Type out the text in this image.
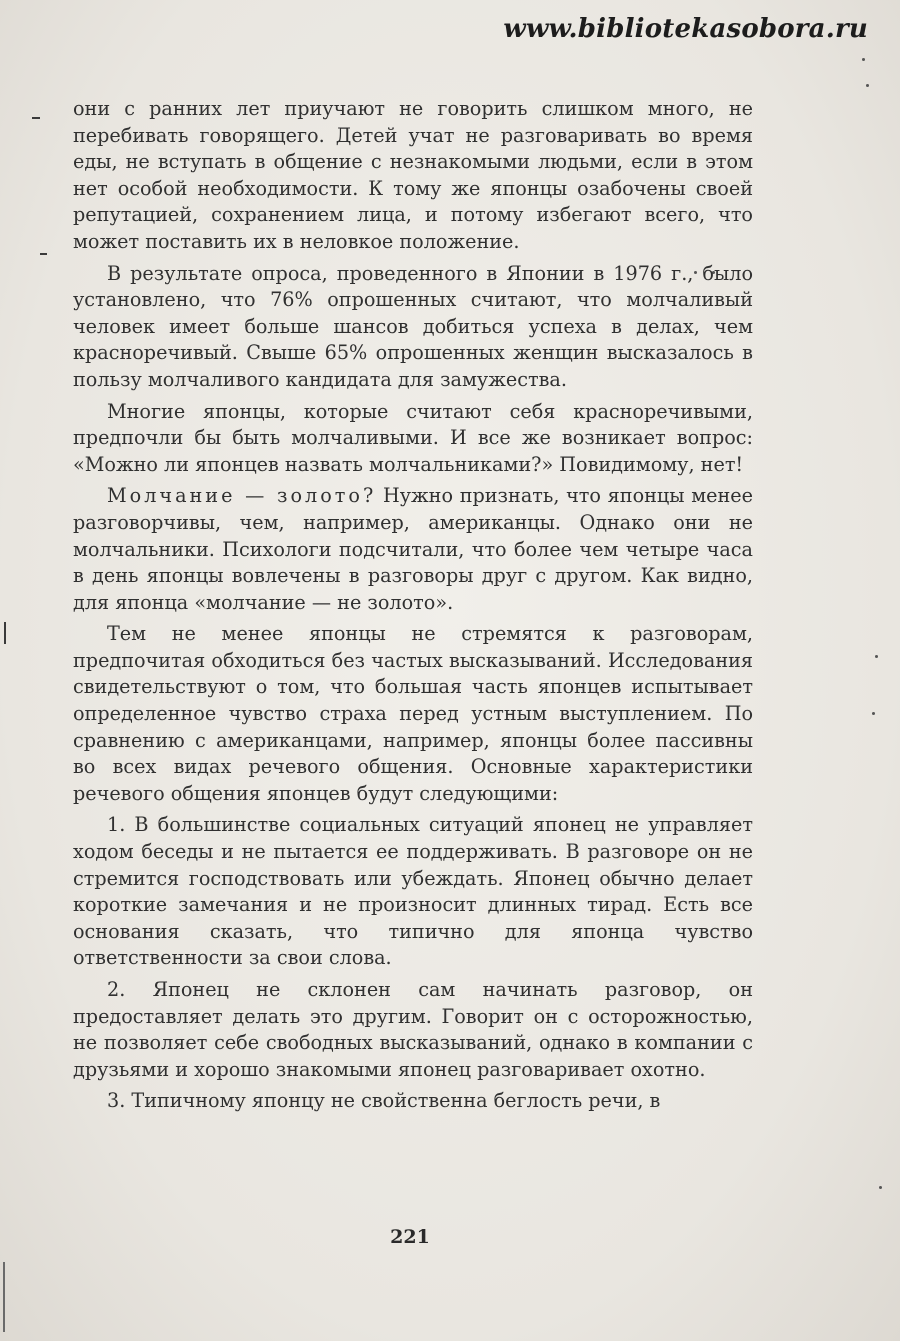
www.bibliotekasobora.ru

они с ранних лет приучают не говорить слишком много, не перебивать говорящего. Детей учат не разговаривать во время еды, не вступать в общение с незнакомыми людьми, если в этом нет особой необходимости. К тому же японцы озабочены своей репутацией, сохранением лица, и потому избегают всего, что может поставить их в неловкое положение.

В результате опроса, проведенного в Японии в 1976 г., было установлено, что 76% опрошенных считают, что молчаливый человек имеет больше шансов добиться успеха в делах, чем красноречивый. Свыше 65% опрошенных женщин высказалось в пользу молчаливого кандидата для замужества.

Многие японцы, которые считают себя красноречивыми, предпочли бы быть молчаливыми. И все же возникает вопрос: «Можно ли японцев назвать молчальниками?» Повидимому, нет!

Молчание — золото? Нужно признать, что японцы менее разговорчивы, чем, например, американцы. Однако они не молчальники. Психологи подсчитали, что более чем четыре часа в день японцы вовлечены в разговоры друг с другом. Как видно, для японца «молчание — не золото».

Тем не менее японцы не стремятся к разговорам, предпочитая обходиться без частых высказываний. Исследования свидетельствуют о том, что большая часть японцев испытывает определенное чувство страха перед устным выступлением. По сравнению с американцами, например, японцы более пассивны во всех видах речевого общения. Основные характеристики речевого общения японцев будут следующими:

1. В большинстве социальных ситуаций японец не управляет ходом беседы и не пытается ее поддерживать. В разговоре он не стремится господствовать или убеждать. Японец обычно делает короткие замечания и не произносит длинных тирад. Есть все основания сказать, что типично для японца чувство ответственности за свои слова.

2. Японец не склонен сам начинать разговор, он предоставляет делать это другим. Говорит он с осторожностью, не позволяет себе свободных высказываний, однако в компании с друзьями и хорошо знакомыми японец разговаривает охотно.

3. Типичному японцу не свойственна беглость речи, в

221
